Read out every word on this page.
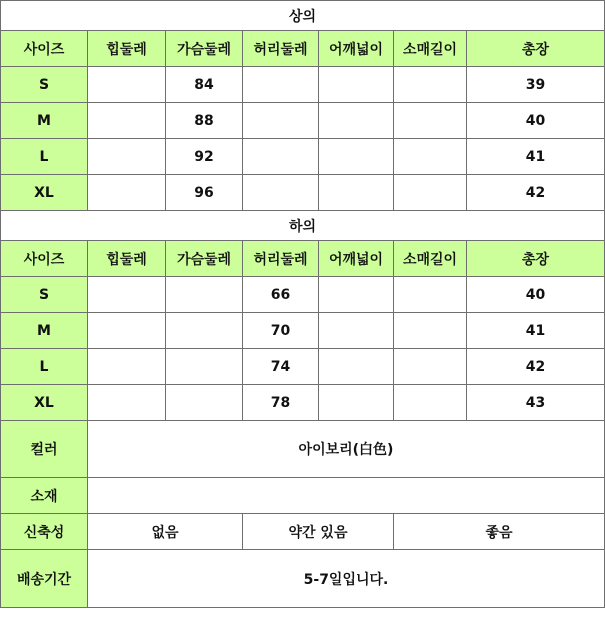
상의						
사이즈	힙둘레	가슴둘레	허리둘레	어깨넓이	소매길이	총장
S		84				39
M		88				40
L		92				41
XL		96				42
하의						
사이즈	힙둘레	가슴둘레	허리둘레	어깨넓이	소매길이	총장
S			66			40
M			70			41
L			74			42
XL			78			43
컬러	아이보리(白色)					
소재						
신축성	없음		약간 있음		좋음	
배송기간	5-7일입니다.					
